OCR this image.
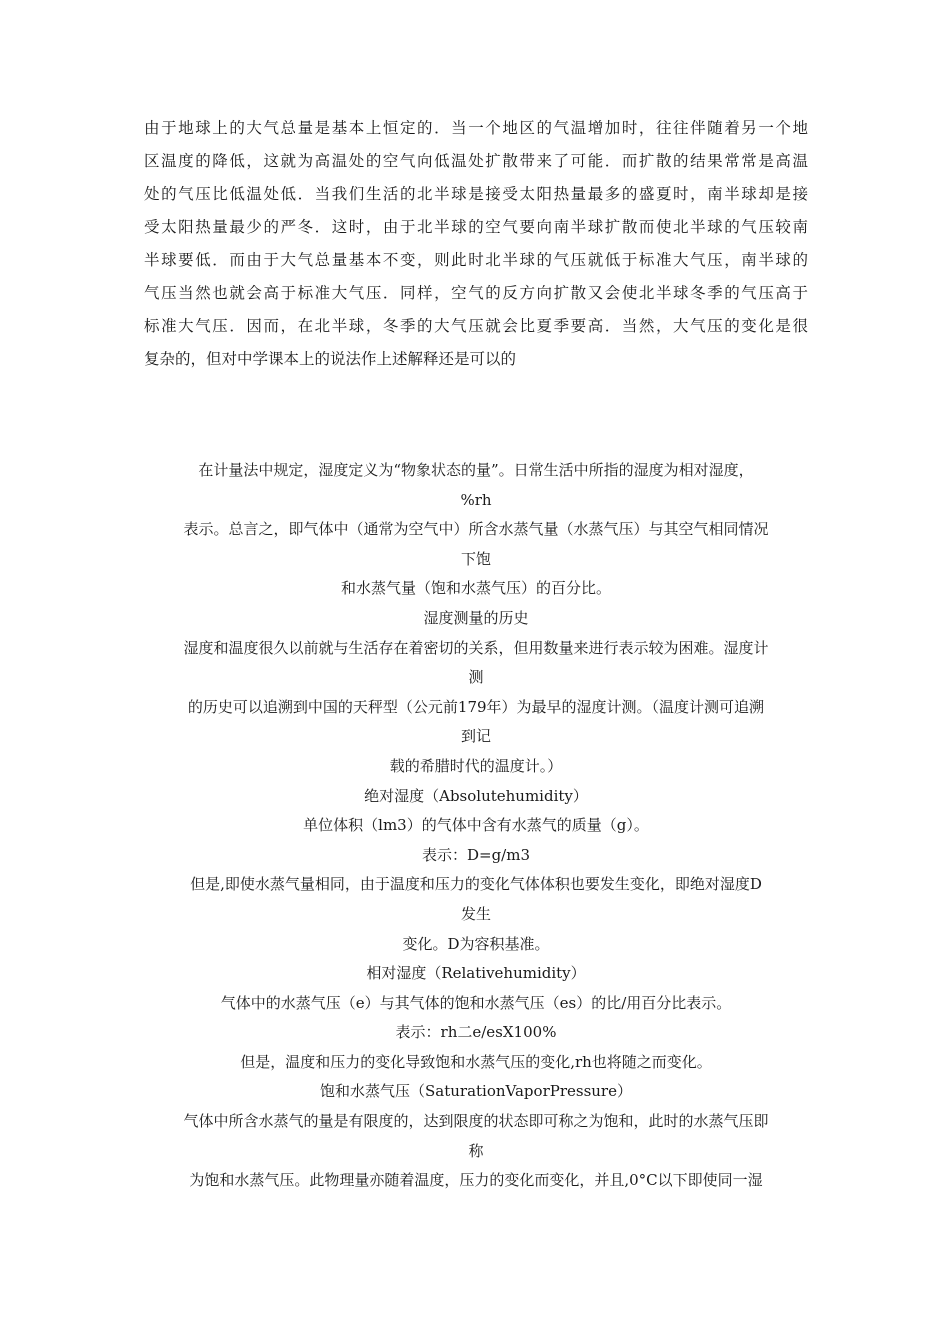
由于地球上的大气总量是基本上恒定的．当一个地区的气温增加时，往往伴随着另一个地
区温度的降低，这就为高温处的空气向低温处扩散带来了可能．而扩散的结果常常是高温
处的气压比低温处低．当我们生活的北半球是接受太阳热量最多的盛夏时，南半球却是接
受太阳热量最少的严冬．这时，由于北半球的空气要向南半球扩散而使北半球的气压较南
半球要低．而由于大气总量基本不变，则此时北半球的气压就低于标准大气压，南半球的
气压当然也就会高于标准大气压．同样，空气的反方向扩散又会使北半球冬季的气压高于
标准大气压．因而，在北半球，冬季的大气压就会比夏季要高．当然，大气压的变化是很
复杂的，但对中学课本上的说法作上述解释还是可以的
在计量法中规定，湿度定义为“物象状态的量”。日常生活中所指的湿度为相对湿度，
%rh
表示。总言之，即气体中（通常为空气中）所含水蒸气量（水蒸气压）与其空气相同情况
下饱
和水蒸气量（饱和水蒸气压）的百分比。
湿度测量的历史
湿度和温度很久以前就与生活存在着密切的关系，但用数量来进行表示较为困难。湿度计
测
的历史可以追溯到中国的天秤型（公元前179年）为最早的湿度计测。（温度计测可追溯
到记
载的希腊时代的温度计。）
绝对湿度（Absolutehumidity）
单位体积（lm3）的气体中含有水蒸气的质量（g）。
表示：D=g/m3
但是,即使水蒸气量相同，由于温度和压力的变化气体体积也要发生变化，即绝对湿度D
发生
变化。D为容积基准。
相对湿度（Relativehumidity）
气体中的水蒸气压（e）与其气体的饱和水蒸气压（es）的比/用百分比表示。
表示：rh二e/esX100%
但是，温度和压力的变化导致饱和水蒸气压的变化,rh也将随之而变化。
饱和水蒸气压（SaturationVaporPressure）
气体中所含水蒸气的量是有限度的，达到限度的状态即可称之为饱和，此时的水蒸气压即
称
为饱和水蒸气压。此物理量亦随着温度，压力的变化而变化，并且,0°C以下即使同一湿
